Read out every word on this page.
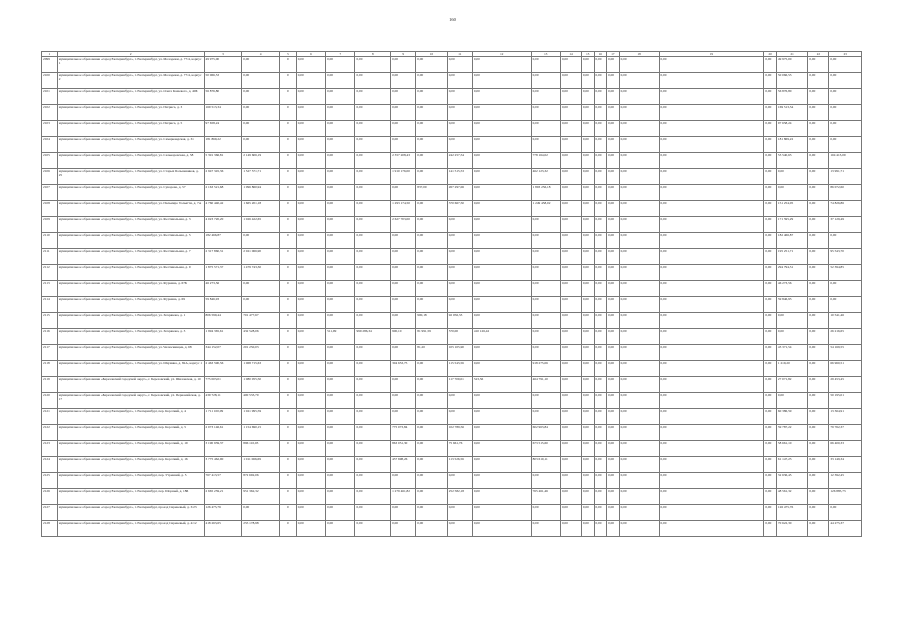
160
1	2	3	4	5	6	7	8	9	10	11	12	13	14	15	16	17	18	19	20	21	22	23
2099	муниципальное образование «город Екатеринбург», г. Екатеринбург, ул. Молодежи, д. 77/4, корпус 1	49 975,00	0,00	0	0,00	0,00	0,00	0,00	0,00	0,00	0,00	0,00	0,00	0,00	0,00	0,00	0,00	0,00	0,00	49 975,00	0,00	0,00
2100	муниципальное образование «город Екатеринбург», г. Екатеринбург, ул. Молодежи, д. 77/4, корпус 2	50 066,53	0,00	0	0,00	0,00	0,00	0,00	0,00	0,00	0,00	0,00	0,00	0,00	0,00	0,00	0,00	0,00	0,00	50 066,53	0,00	0,00
2101	муниципальное образование «город Екатеринбург», г. Екатеринбург, ул. Олега Кошевого, д. 40Б	56 876,80	0,00	0	0,00	0,00	0,00	0,00	0,00	0,00	0,00	0,00	0,00	0,00	0,00	0,00	0,00	0,00	0,00	56 876,80	0,00	0,00
2102	муниципальное образование «город Екатеринбург», г. Екатеринбург, ул. Патриса, д. 3	169 513,34	0,00	0	0,00	0,00	0,00	0,00	0,00	0,00	0,00	0,00	0,00	0,00	0,00	0,00	0,00	0,00	0,00	169 513,34	0,00	0,00
2103	муниципальное образование «город Екатеринбург», г. Екатеринбург, ул. Патриса, д. 5	97 658,24	0,00	0	0,00	0,00	0,00	0,00	0,00	0,00	0,00	0,00	0,00	0,00	0,00	0,00	0,00	0,00	0,00	97 658,24	0,00	0,00
2104	муниципальное образование «город Екатеринбург», г. Екатеринбург, ул. Самаркандская, д. 31	181 869,22	0,00	0	0,00	0,00	0,00	0,00	0,00	0,00	0,00	0,00	0,00	0,00	0,00	0,00	0,00	0,00	0,00	181 869,22	0,00	0,00
2105	муниципальное образование «город Екатеринбург», г. Екатеринбург, ул. Селькоровская, д. 58	5 391 366,81	2 149 606,19	0	0,00	0,00	0,00	2 357 208,43	0,00	242 257,54	0,00	778 164,02	0,00	0,00	0,00	0,00	0,00	0,00	0,00	53 540,63	0,00	104 413,09
2106	муниципальное образование «город Екатеринбург», г. Екатеринбург, ул. Старых Большевиков, д. 25	2 947 345,36	1 527 571,71	0	0,00	0,00	0,00	1 910 176,00	0,00	141 515,53	0,00	462 123,32	0,00	0,00	0,00	0,00	0,00	0,00	0,00	0,00	0,00	13 991,71
2107	муниципальное образование «город Екатеринбург», г. Екатеринбург, ул. Суворова, д. 57	2 163 521,68	1 096 860,94	0	0,00	0,00	0,00	0,00	837,00	267 297,06	0,00	1 893 256,18	0,00	0,00	0,00	0,00	0,00	0,00	0,00	0,00	0,00	86 072,60
2108	муниципальное образование «город Екатеринбург», г. Екатеринбург, ул. Пальмиро Тольятти, д. 7А	4 760 440,42	1 665 201,18	0	0,00	0,00	0,00	1 293 174,50	0,00	370 667,50	0,00	1 249 458,02	0,00	0,00	0,00	0,00	0,00	0,00	0,00	151 254,05	0,00	74 826,86
2109	муниципальное образование «город Екатеринбург», г. Екатеринбург, ул. Фестивальная, д. 3	4 023 720,20	1 026 422,65	0	0,00	0,00	0,00	2 627 703,00	0,00	0,00	0,00	0,00	0,00	0,00	0,00	0,00	0,00	0,00	0,00	171 595,29	0,00	37 129,49
2110	муниципальное образование «город Екатеринбург», г. Екатеринбург, ул. Фестивальная, д. 5	182 466,87	0,00	0	0,00	0,00	0,00	0,00	0,00	0,00	0,00	0,00	0,00	0,00	0,00	0,00	0,00	0,00	0,00	182 466,87	0,00	0,00
2111	муниципальное образование «город Екатеринбург», г. Екатеринбург, ул. Фестивальная, д. 7	2 317 860,31	2 021 066,90	0	0,00	0,00	0,00	0,00	0,00	0,00	0,00	0,00	0,00	0,00	0,00	0,00	0,00	0,00	0,00	195 251,71	0,00	95 543,70
2112	муниципальное образование «город Екатеринбург», г. Екатеринбург, ул. Фестивальная, д. 9	1 875 571,37	1 479 743,30	0	0,00	0,00	0,00	0,00	0,00	0,00	0,00	0,00	0,00	0,00	0,00	0,00	0,00	0,00	0,00	294 794,31	0,00	52 394,85
2113	муниципальное образование «город Екатеринбург», г. Екатеринбург, ул. Фурмана, д. 67Б	46 273,56	0,00	0	0,00	0,00	0,00	0,00	0,00	0,00	0,00	0,00	0,00	0,00	0,00	0,00	0,00	0,00	0,00	46 273,56	0,00	0,00
2114	муниципальное образование «город Екатеринбург», г. Екатеринбург, ул. Фурмана, д. 69	59 846,93	0,00	0	0,00	0,00	0,00	0,00	0,00	0,00	0,00	0,00	0,00	0,00	0,00	0,00	0,00	0,00	0,00	59 846,93	0,00	0,00
2115	муниципальное образование «город Екатеринбург», г. Екатеринбург, ул. Хохрякова, д. 1	806 599,44	701 477,67	0	0,00	0,00	0,00	0,00	900,18	92 056,33	0,00	0,00	0,00	0,00	0,00	0,00	0,00	0,00	0,00	0,00	0,00	10 541,46
2116	муниципальное образование «город Екатеринбург», г. Екатеринбург, ул. Хохрякова, д. 3	1 994 365,61	432 528,06	0	0,00	511,99	999 286,34	900,10	81 991,59	570,00	410 126,42	0,00	0,00	0,00	0,00	0,00	0,00	0,00	0,00	0,00	0,00	26 216,65
2117	муниципальное образование «город Екатеринбург», г. Екатеринбург, ул. Челюскинцев, д. 68	344 152,07	201 250,03	0	0,00	0,00	0,00	0,00	81,20	105 105,90	0,00	0,00	0,00	0,00	0,00	0,00	0,00	0,00	0,00	43 371,54	0,00	54 169,55
2118	муниципальное образование «город Екатеринбург», г. Екатеринбург, ул. Шаумяна, д. 82А, корпус 1	2 463 590,56	1 068 715,63	0	0,00	0,00	0,00	304 653,75	0,00	115 543,56	0,00	918 275,06	0,00	0,00	0,00	0,00	0,00	0,00	0,00	1 219,20	0,00	66 960,51
2119	муниципальное образование «Березовский городской округ», г. Березовский, ул. Шиловская, д. 10	775 003,01	1 080 055,50	0	0,00	0,00	0,00	0,00	0,00	117 709,01	523,36	464 791,10	0,00	0,00	0,00	0,00	0,00	0,00	0,00	27 071,82	0,00	29 453,45
2120	муниципальное образование «Березовский городской округ», г. Березовский, ул. Первомайская, д. 17	439 728,11	400 533,70	0	0,00	0,00	0,00	0,00	0,00	0,00	0,00	0,00	0,00	0,00	0,00	0,00	0,00	0,00	0,00	0,00	0,00	50 195,01
2121	муниципальное образование «город Екатеринбург», г. Екатеринбург, пер. Короткий, д. 4	1 711 100,09	1 021 995,59	0	0,00	0,00	0,00	0,00	0,00	0,00	0,00	0,00	0,00	0,00	0,00	0,00	0,00	0,00	0,00	60 386,59	0,00	13 364,91
2122	муниципальное образование «город Екатеринбург», г. Екатеринбург, пер. Короткий, д. 5	2 073 146,61	1 154 690,15	0	0,00	0,00	0,00	775 073,84	0,00	102 789,56	0,00	602 963,84	0,00	0,00	0,00	0,00	0,00	0,00	0,00	59 787,22	0,00	79 762,37
2123	муниципальное образование «город Екатеринбург», г. Екатеринбург, пер. Короткий, д. 19	3 190 939,37	896 110,03	0	0,00	0,00	0,00	863 051,30	0,00	75 661,76	0,00	673 515,60	0,00	0,00	0,00	0,00	0,00	0,00	0,00	58 661,10	0,00	66 400,33
2124	муниципальное образование «город Екатеринбург», г. Екатеринбург, пер. Короткий, д. 16	3 775 462,90	1 011 066,69	0	0,00	0,00	0,00	437 698,26	0,00	113 526,56	0,00	803 610,11	0,00	0,00	0,00	0,00	0,00	0,00	0,00	61 147,23	0,00	33 149,34
2125	муниципальное образование «город Екатеринбург», г. Екатеринбург, пер. Утренний, д. 5	767 413,57	872 692,06	0	0,00	0,00	0,00	0,00	0,00	0,00	0,00	0,00	0,00	0,00	0,00	0,00	0,00	0,00	0,00	32 636,45	0,00	12 392,45
2126	муниципальное образование «город Екатеринбург», г. Екатеринбург, пер. Шорный, д. 18Б	2 665 259,21	951 362,32	0	0,00	0,00	0,00	1 279 461,82	0,00	252 582,18	0,00	765 461,46	0,00	0,00	0,00	0,00	0,00	0,00	0,00	48 561,32	0,00	126 885,73
2127	муниципальное образование «город Екатеринбург», г. Екатеринбург, проезд Сиреневый, д. 3/23	126 475,76	0,00	0	0,00	0,00	0,00	0,00	0,00	0,00	0,00	0,00	0,00	0,00	0,00	0,00	0,00	0,00	0,00	126 475,76	0,00	0,00
2128	муниципальное образование «город Екатеринбург», г. Екатеринбург, проезд Сиреневый, д. 4/12	418 263,65	255 178,98	0	0,00	0,00	0,00	0,00	0,00	0,00	0,00	0,00	0,00	0,00	0,00	0,00	0,00	0,00	0,00	70 622,30	0,00	44 275,37
